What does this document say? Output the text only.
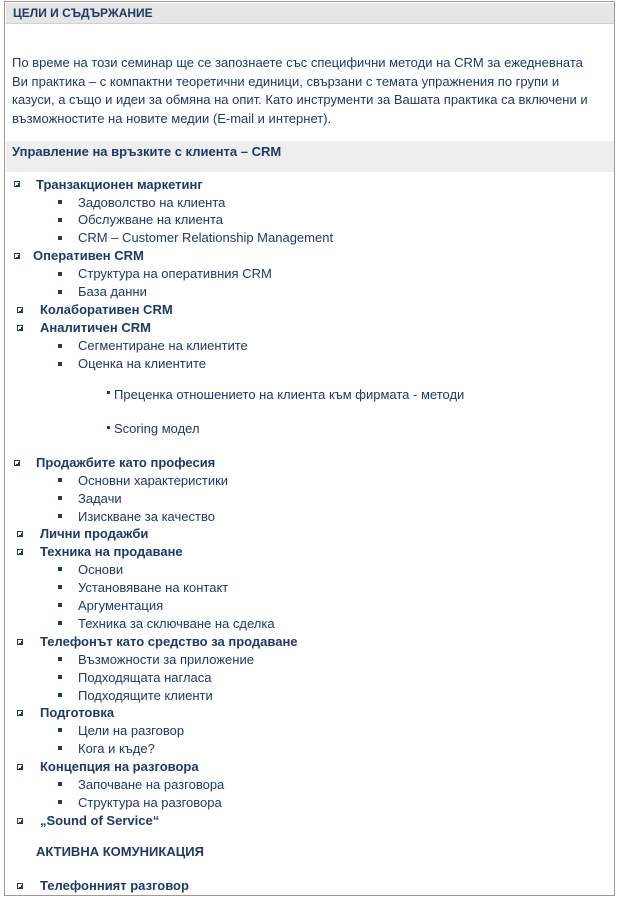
ЦЕЛИ И СЪДЪРЖАНИЕ
По време на този семинар ще се запознаете със специфични методи на CRM за ежедневната
Ви практика – с компактни теоретични единици, свързани с темата упражнения по групи и
казуси, а също и идеи за обмяна на опит. Като инструменти за Вашата практика са включени и
възможностите на новите медии (E-mail и интернет).
Управление на връзките с клиента – CRM
Транзакционен маркетинг
Задоволство на клиента
Обслужване на клиента
CRM – Customer Relationship Management
Оперативен CRM
Структура на оперативния CRM
База данни
Колаборативен CRM
Аналитичен CRM
Сегментиране на клиентите
Оценка на клиентите
Преценка отношението на клиента към фирмата - методи
Scoring модел
Продажбите като професия
Основни характеристики
Задачи
Изискване за качество
Лични продажби
Техника на продаване
Основи
Установяване на контакт
Аргументация
Техника за сключване на сделка
Телефонът като средство за продаване
Възможности за приложение
Подходящата нагласа
Подходящите клиенти
Подготовка
Цели на разговор
Кога и къде?
Концепция на разговора
Започване на разговора
Структура на разговора
„Sound of Service“
АКТИВНА КОМУНИКАЦИЯ
Телефонният разговор
